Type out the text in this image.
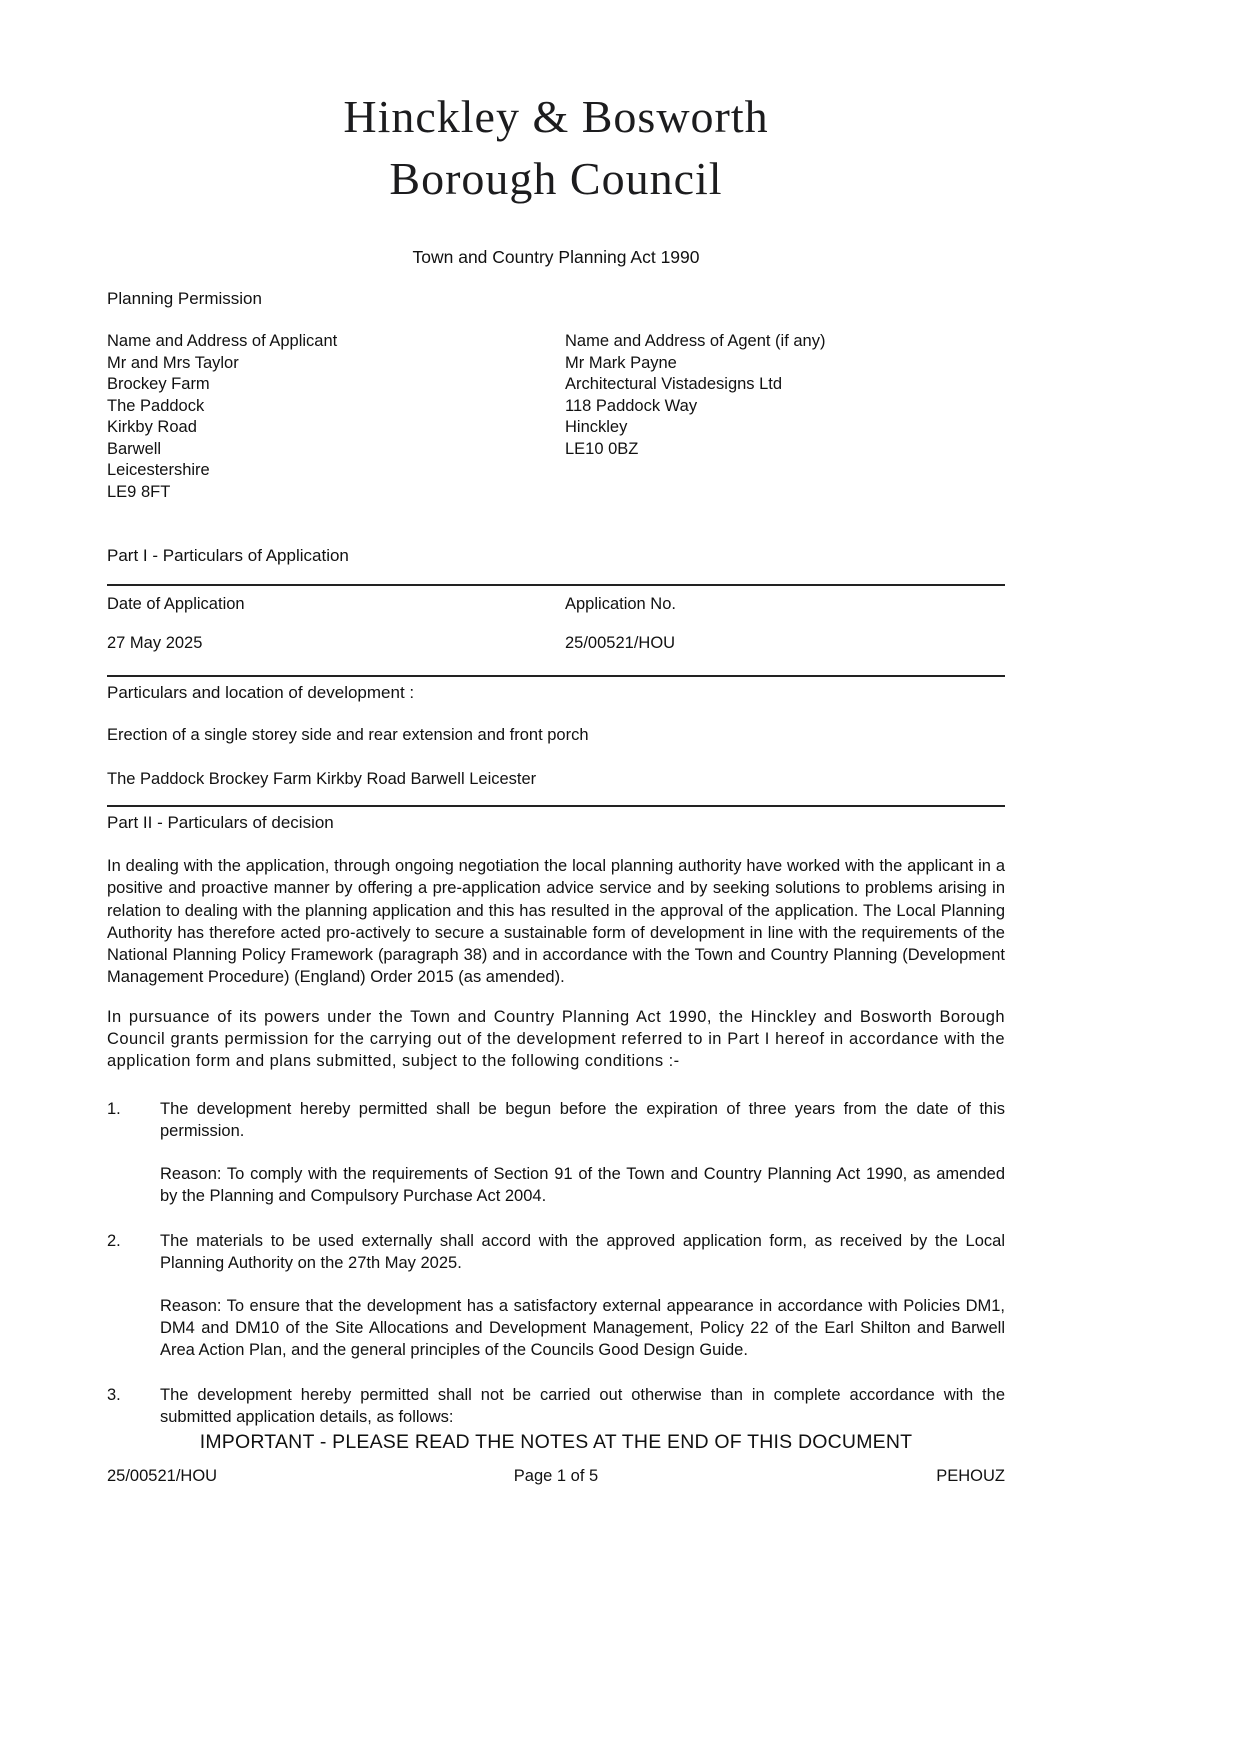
Hinckley & Bosworth
Borough Council
Town and Country Planning Act 1990
Planning Permission
Name and Address of Applicant
Mr and Mrs Taylor
Brockey Farm
The Paddock
Kirkby Road
Barwell
Leicestershire
LE9 8FT
Name and Address of Agent (if any)
Mr Mark Payne
Architectural Vistadesigns Ltd
118 Paddock Way
Hinckley
LE10 0BZ
Part I - Particulars of Application
Date of Application	Application No.
27 May 2025	25/00521/HOU
Particulars and location of development :
Erection of a single storey side and rear extension and front porch
The Paddock Brockey Farm Kirkby Road Barwell Leicester
Part II - Particulars of decision

In dealing with the application, through ongoing negotiation the local planning authority have worked with the applicant in a positive and proactive manner by offering a pre-application advice service and by seeking solutions to problems arising in relation to dealing with the planning application and this has resulted in the approval of the application. The Local Planning Authority has therefore acted pro-actively to secure a sustainable form of development in line with the requirements of the National Planning Policy Framework (paragraph 38) and in accordance with the Town and Country Planning (Development Management Procedure) (England) Order 2015 (as amended).

In pursuance of its powers under the Town and Country Planning Act 1990, the Hinckley and Bosworth Borough Council grants permission for the carrying out of the development referred to in Part I hereof in accordance with the application form and plans submitted, subject to the following conditions :-

1.	The development hereby permitted shall be begun before the expiration of three years from the date of this permission.

Reason: To comply with the requirements of Section 91 of the Town and Country Planning Act 1990, as amended by the Planning and Compulsory Purchase Act 2004.

2.	The materials to be used externally shall accord with the approved application form, as received by the Local Planning Authority on the 27th May 2025.

Reason: To ensure that the development has a satisfactory external appearance in accordance with Policies DM1, DM4 and DM10 of the Site Allocations and Development Management, Policy 22 of the Earl Shilton and Barwell Area Action Plan, and the general principles of the Councils Good Design Guide.

3.	The development hereby permitted shall not be carried out otherwise than in complete accordance with the submitted application details, as follows:

IMPORTANT - PLEASE READ THE NOTES AT THE END OF THIS DOCUMENT
25/00521/HOU	Page 1 of 5	PEHOUZ
